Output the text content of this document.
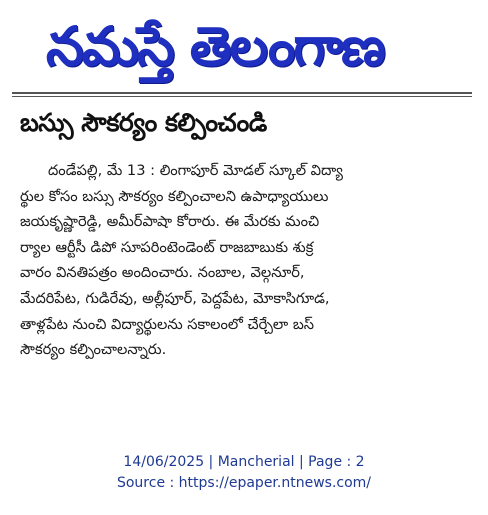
నమస్తే తెలంగాణ
బస్సు సౌకర్యం కల్పించండి
దండేపల్లి, మే 13 : లింగాపూర్ మోడల్ స్కూల్ విద్యా
ర్థుల కోసం బస్సు సౌకర్యం కల్పించాలని ఉపాధ్యాయులు
జయకృష్ణారెడ్డి, అమీర్‌పాషా కోరారు. ఈ మేరకు మంచి
ర్యాల ఆర్టీసీ డిపో సూపరింటెండెంట్ రాజబాబుకు శుక్ర
వారం వినతిపత్రం అందించారు. నంబాల, వెల్గనూర్,
మేదరిపేట, గుడిరేవు, అల్లీపూర్, పెద్దపేట, మోకాసిగూడ,
తాళ్లపేట నుంచి విద్యార్థులను సకాలంలో చేర్చేలా బస్
సౌకర్యం కల్పించాలన్నారు.
14/06/2025 | Mancherial | Page : 2
Source : https://epaper.ntnews.com/
